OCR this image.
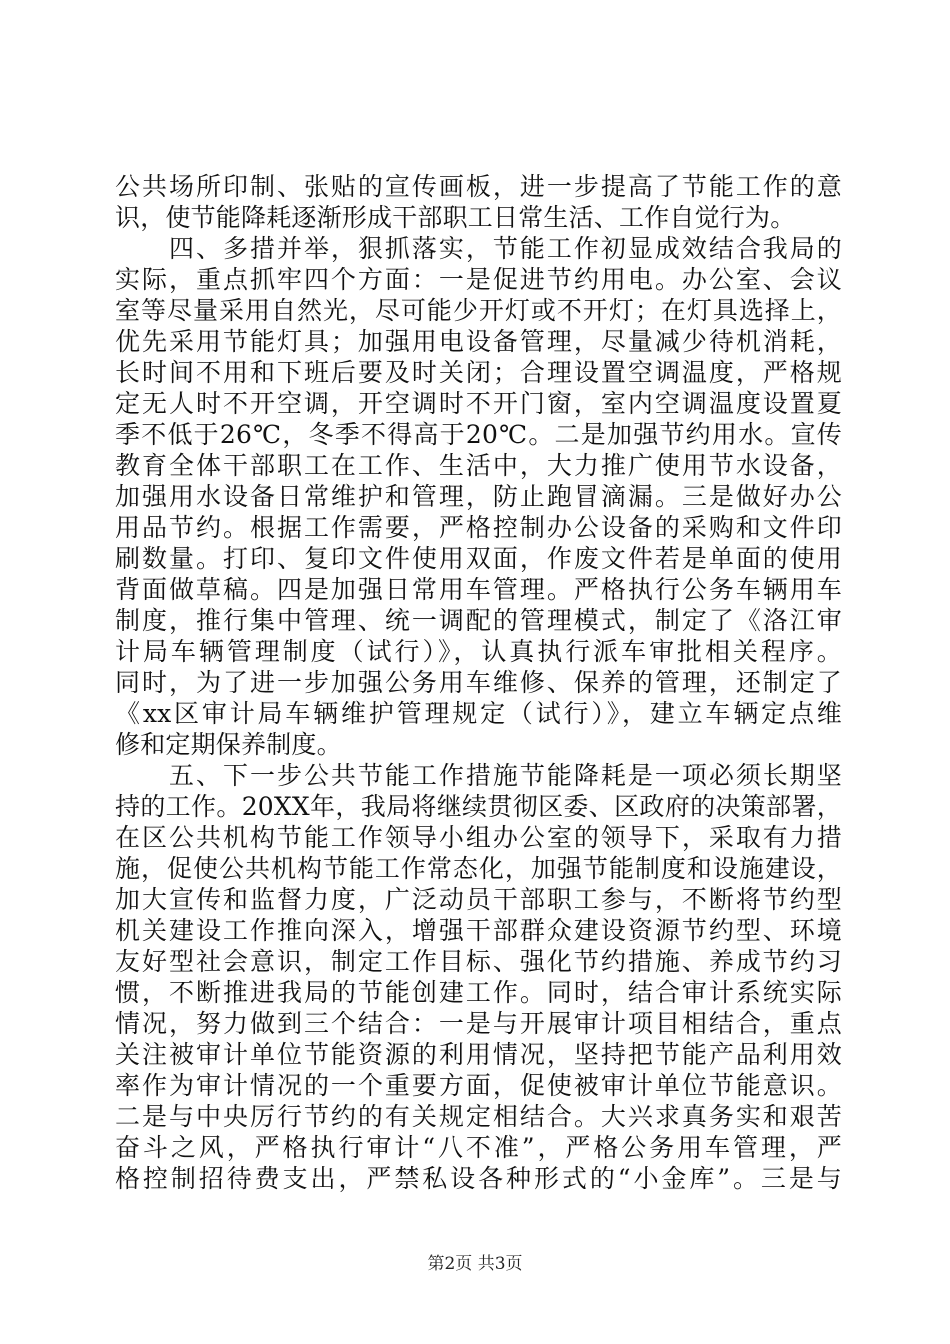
公共场所印制、张贴的宣传画板，进一步提高了节能工作的意
识，使节能降耗逐渐形成干部职工日常生活、工作自觉行为。
　　四、多措并举，狠抓落实，节能工作初显成效结合我局的
实际，重点抓牢四个方面：一是促进节约用电。办公室、会议
室等尽量采用自然光，尽可能少开灯或不开灯；在灯具选择上，
优先采用节能灯具；加强用电设备管理，尽量减少待机消耗，
长时间不用和下班后要及时关闭；合理设置空调温度，严格规
定无人时不开空调，开空调时不开门窗，室内空调温度设置夏
季不低于26℃，冬季不得高于20℃。二是加强节约用水。宣传
教育全体干部职工在工作、生活中，大力推广使用节水设备，
加强用水设备日常维护和管理，防止跑冒滴漏。三是做好办公
用品节约。根据工作需要，严格控制办公设备的采购和文件印
刷数量。打印、复印文件使用双面，作废文件若是单面的使用
背面做草稿。四是加强日常用车管理。严格执行公务车辆用车
制度，推行集中管理、统一调配的管理模式，制定了《洛江审
计局车辆管理制度（试行）》，认真执行派车审批相关程序。
同时，为了进一步加强公务用车维修、保养的管理，还制定了
《xx区审计局车辆维护管理规定（试行）》，建立车辆定点维
修和定期保养制度。
　　五、下一步公共节能工作措施节能降耗是一项必须长期坚
持的工作。20XX年，我局将继续贯彻区委、区政府的决策部署，
在区公共机构节能工作领导小组办公室的领导下，采取有力措
施，促使公共机构节能工作常态化，加强节能制度和设施建设，
加大宣传和监督力度，广泛动员干部职工参与，不断将节约型
机关建设工作推向深入，增强干部群众建设资源节约型、环境
友好型社会意识，制定工作目标、强化节约措施、养成节约习
惯，不断推进我局的节能创建工作。同时，结合审计系统实际
情况，努力做到三个结合：一是与开展审计项目相结合，重点
关注被审计单位节能资源的利用情况，坚持把节能产品利用效
率作为审计情况的一个重要方面，促使被审计单位节能意识。
二是与中央厉行节约的有关规定相结合。大兴求真务实和艰苦
奋斗之风，严格执行审计“八不准”，严格公务用车管理，严
格控制招待费支出，严禁私设各种形式的“小金库”。三是与
第2页 共3页
